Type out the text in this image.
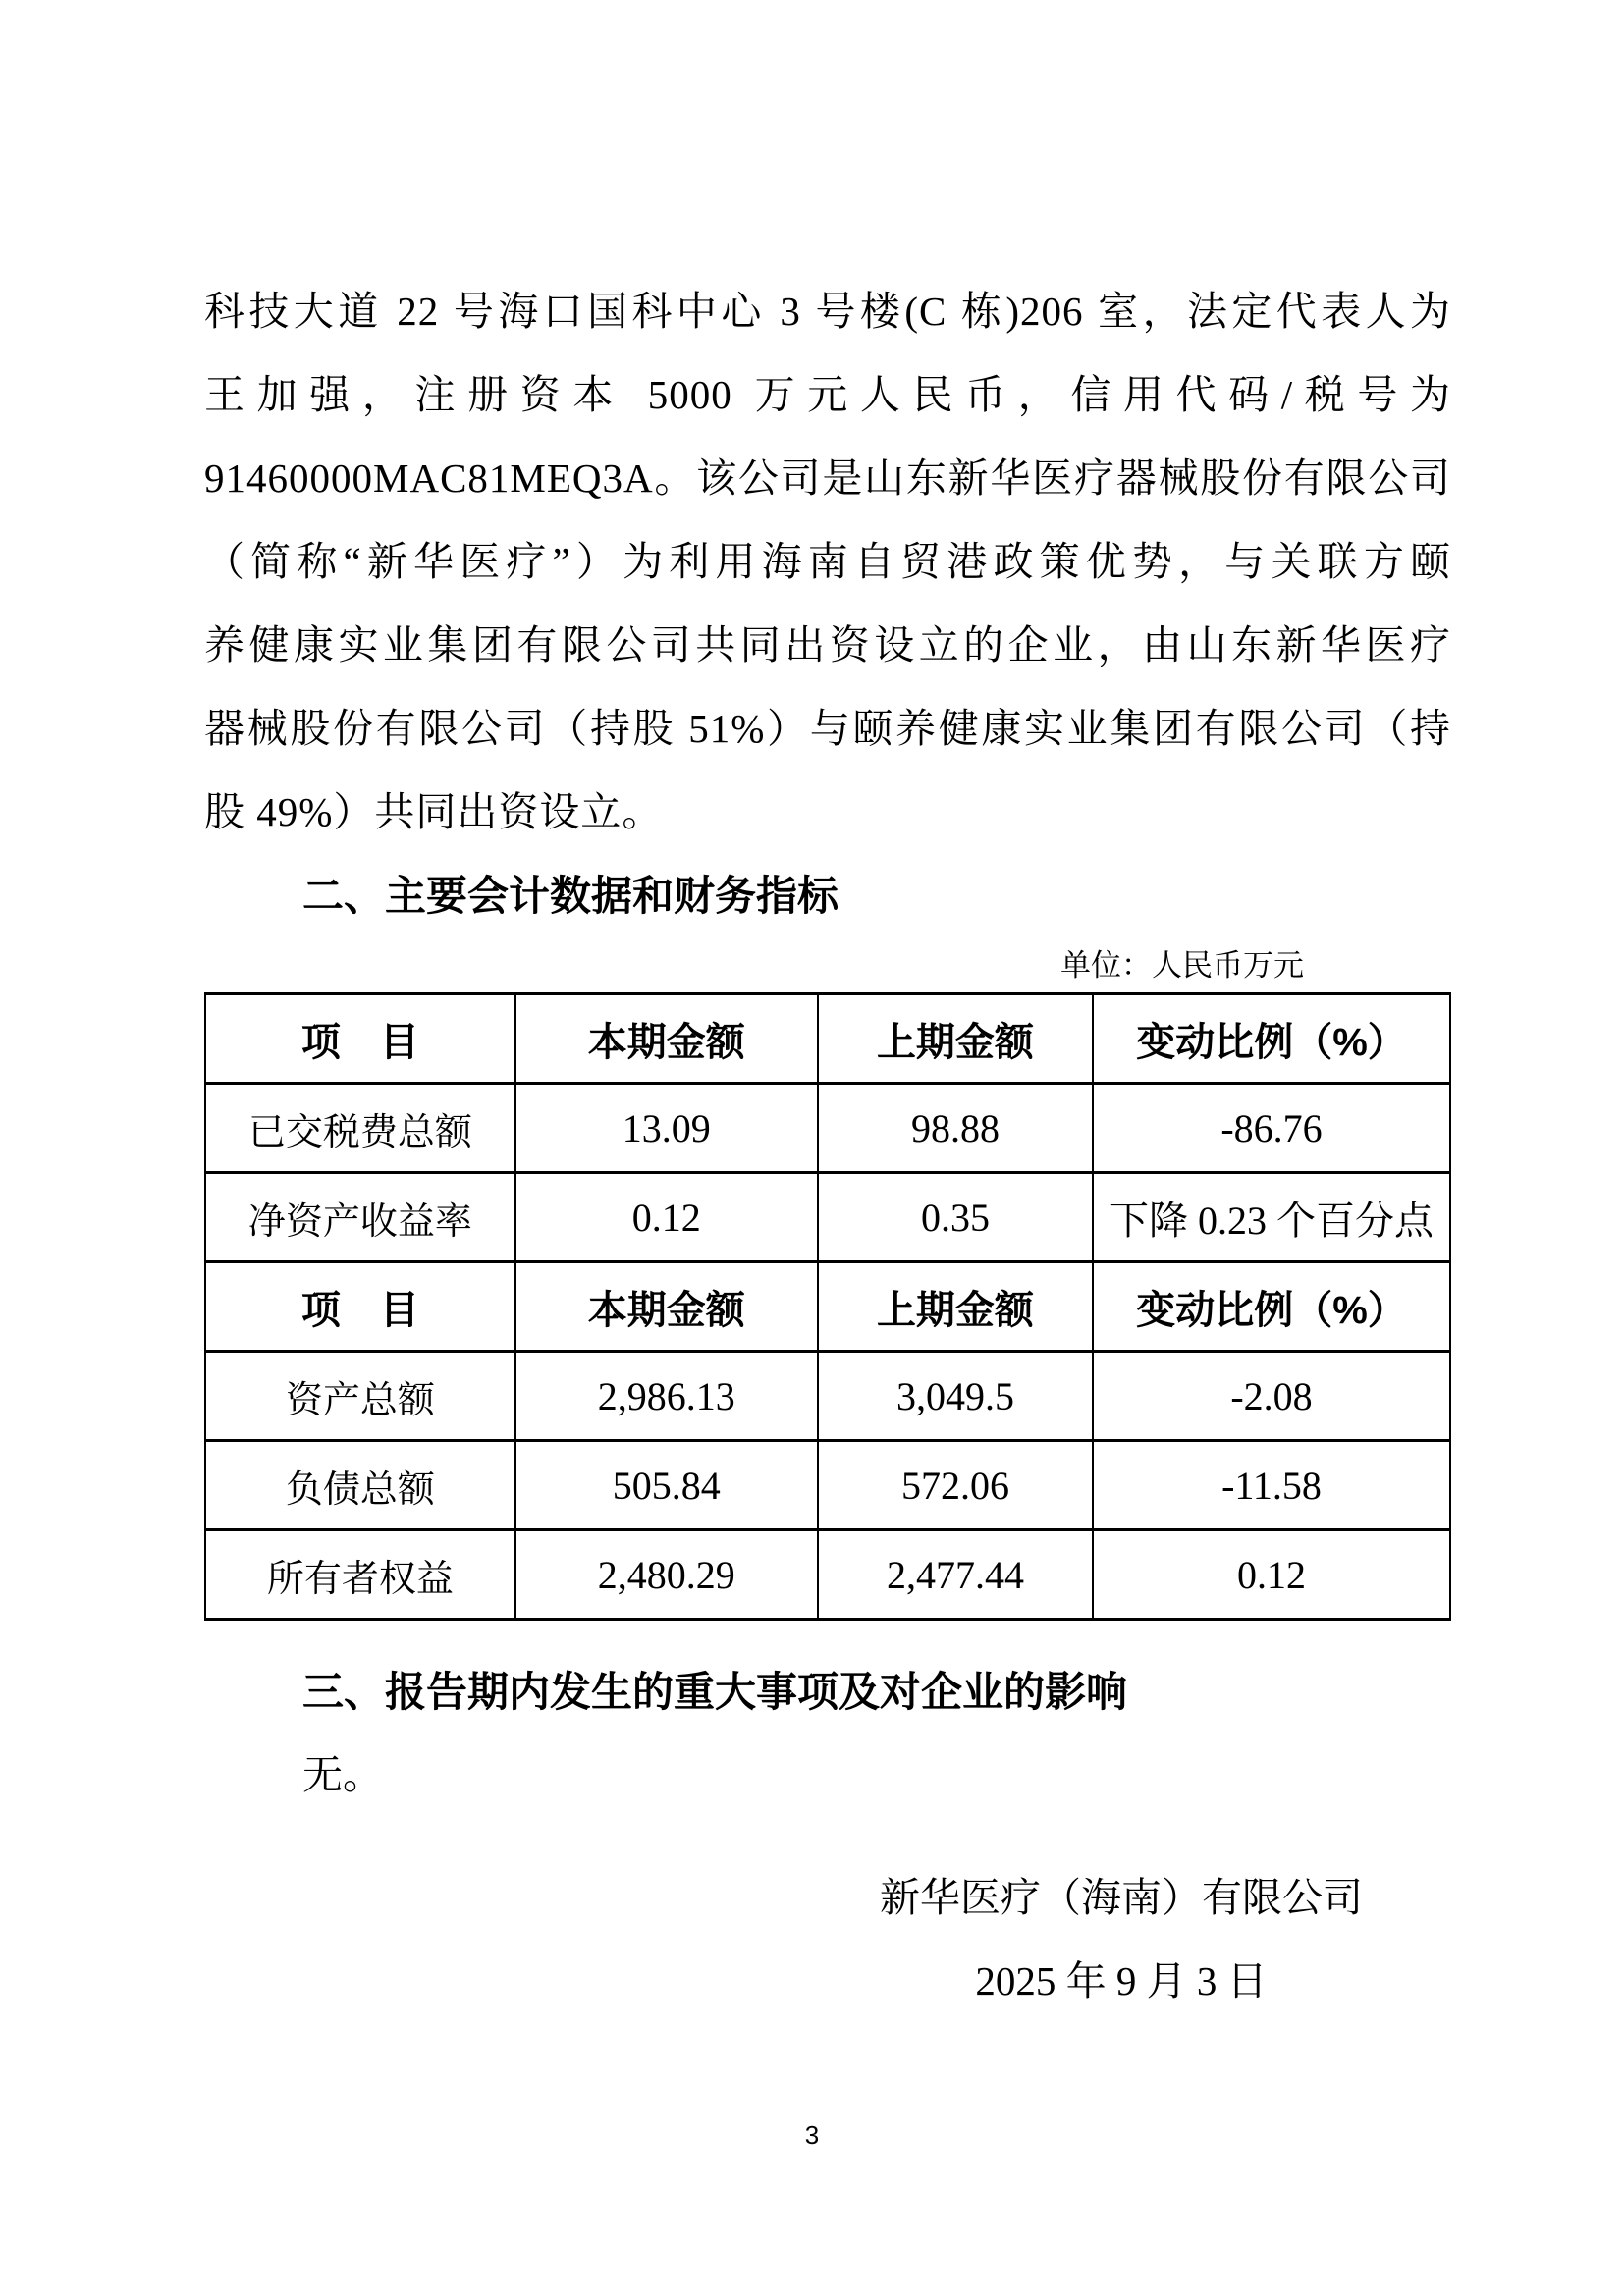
科技大道 22 号海口国科中心 3 号楼(C 栋)206 室，法定代表人为
王加强，注册资本 5000 万元人民币，信用代码/税号为
91460000MAC81MEQ3A。该公司是山东新华医疗器械股份有限公司
（简称“新华医疗”）为利用海南自贸港政策优势，与关联方颐
养健康实业集团有限公司共同出资设立的企业，由山东新华医疗
器械股份有限公司（持股 51%）与颐养健康实业集团有限公司（持
股 49%）共同出资设立。
二、主要会计数据和财务指标
单位：人民币万元
项　目	本期金额	上期金额	变动比例（%）
已交税费总额	13.09	98.88	-86.76
净资产收益率	0.12	0.35	下降 0.23 个百分点
项　目	本期金额	上期金额	变动比例（%）
资产总额	2,986.13	3,049.5	-2.08
负债总额	505.84	572.06	-11.58
所有者权益	2,480.29	2,477.44	0.12
三、报告期内发生的重大事项及对企业的影响
无。
新华医疗（海南）有限公司
2025 年 9 月 3 日
3
